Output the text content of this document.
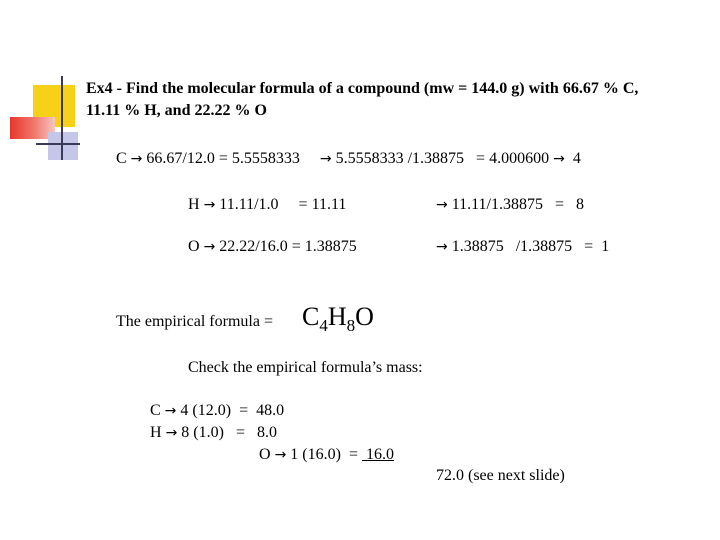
Ex4 - Find the molecular formula of a compound (mw = 144.0 g) with 66.67 % C,
11.11 % H, and 22.22 % O
C → 66.67/12.0 = 5.5558333 → 5.5558333 /1.38875   = 4.000600 → 4
H → 11.11/1.0     = 11.11	→ 11.11/1.38875   =   8
O → 22.22/16.0 = 1.38875	→ 1.38875   /1.38875   =  1
The empirical formula = $C_4H_8O$
Check the empirical formula’s mass:
C → 4 (12.0)  =  48.0
H → 8 (1.0)   =   8.0
O → 1 (16.0)  =  16.0
72.0 (see next slide)
